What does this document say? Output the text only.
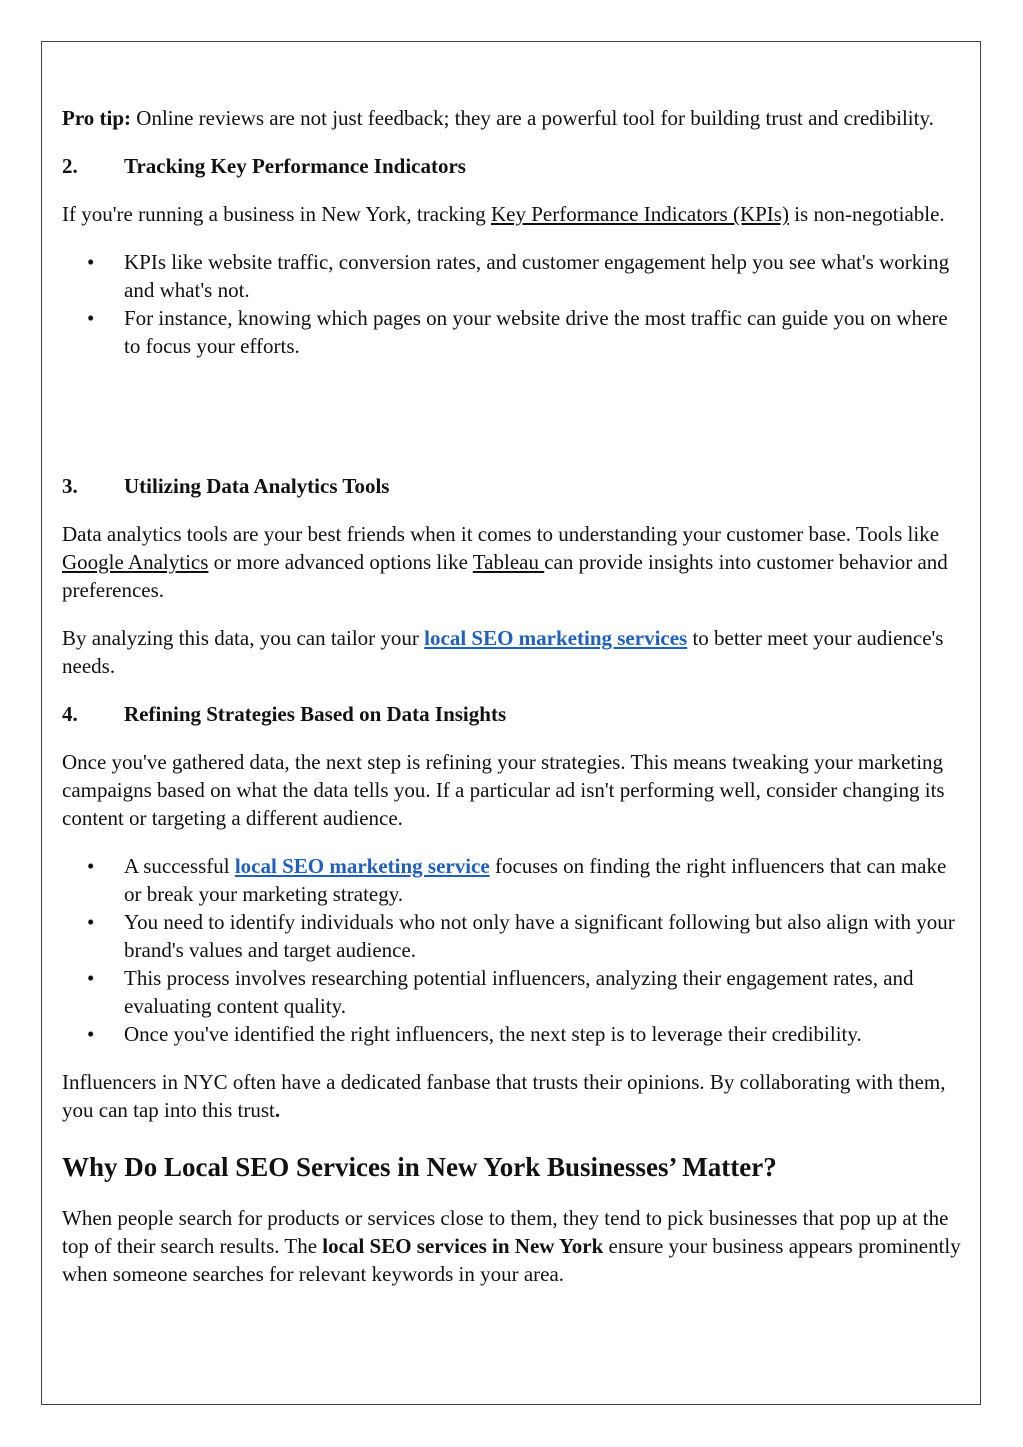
Pro tip: Online reviews are not just feedback; they are a powerful tool for building trust and credibility.

2. Tracking Key Performance Indicators

If you're running a business in New York, tracking Key Performance Indicators (KPIs) is non-negotiable.

• KPIs like website traffic, conversion rates, and customer engagement help you see what's working and what's not.
• For instance, knowing which pages on your website drive the most traffic can guide you on where to focus your efforts.

3. Utilizing Data Analytics Tools

Data analytics tools are your best friends when it comes to understanding your customer base. Tools like Google Analytics or more advanced options like Tableau can provide insights into customer behavior and preferences.

By analyzing this data, you can tailor your local SEO marketing services to better meet your audience's needs.

4. Refining Strategies Based on Data Insights

Once you've gathered data, the next step is refining your strategies. This means tweaking your marketing campaigns based on what the data tells you. If a particular ad isn't performing well, consider changing its content or targeting a different audience.

• A successful local SEO marketing service focuses on finding the right influencers that can make or break your marketing strategy.
• You need to identify individuals who not only have a significant following but also align with your brand's values and target audience.
• This process involves researching potential influencers, analyzing their engagement rates, and evaluating content quality.
• Once you've identified the right influencers, the next step is to leverage their credibility.

Influencers in NYC often have a dedicated fanbase that trusts their opinions. By collaborating with them, you can tap into this trust.

Why Do Local SEO Services in New York Businesses’ Matter?

When people search for products or services close to them, they tend to pick businesses that pop up at the top of their search results. The local SEO services in New York ensure your business appears prominently when someone searches for relevant keywords in your area.
